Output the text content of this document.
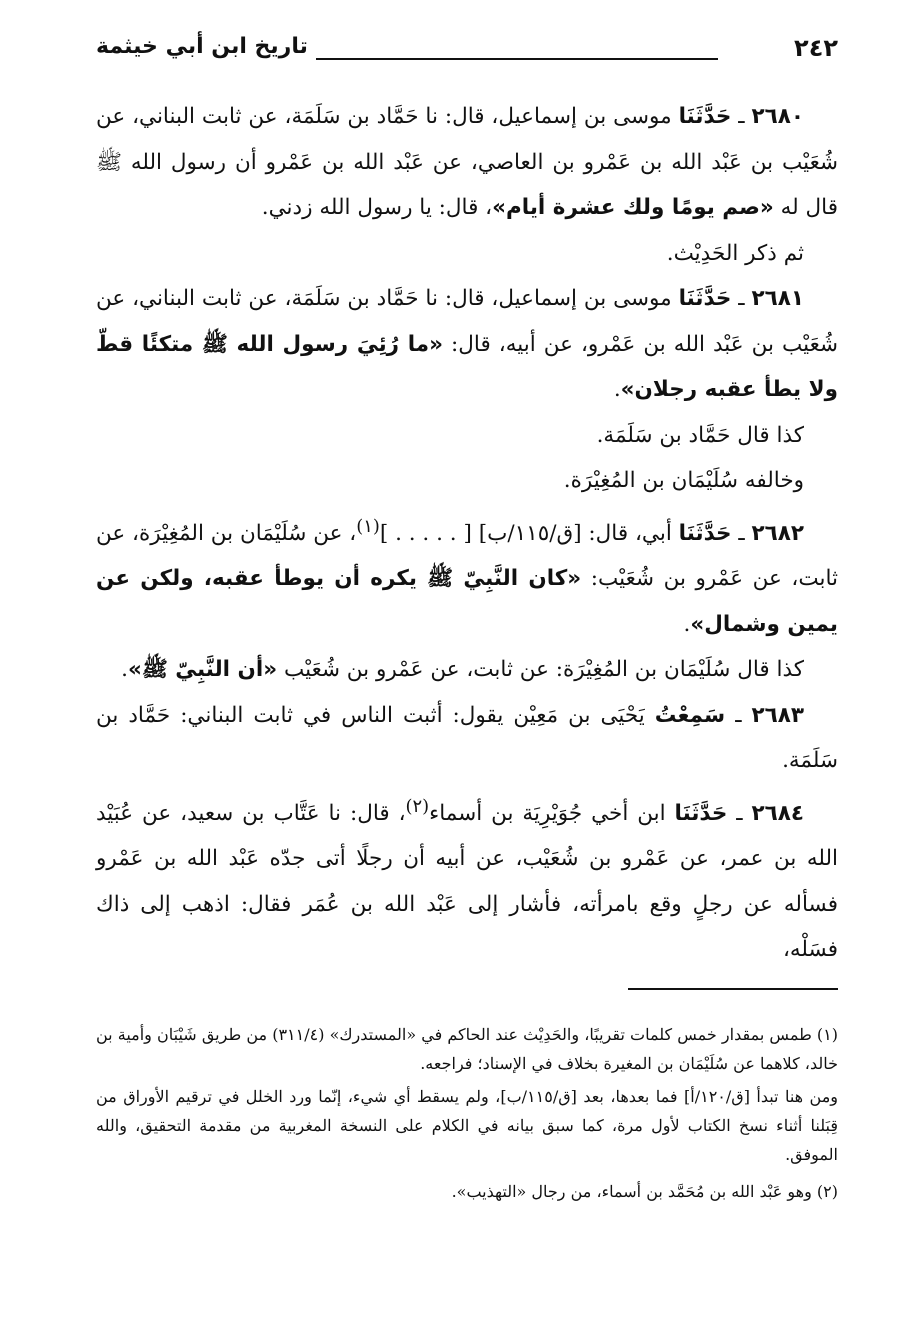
٢٤٢
تاريخ ابن أبي خيثمة

٢٦٨٠ ـ حَدَّثَنَا موسى بن إسماعيل، قال: نا حَمَّاد بن سَلَمَة، عن ثابت البناني، عن شُعَيْب بن عَبْد الله بن عَمْرو بن العاصي، عن عَبْد الله بن عَمْرو أن رسول الله ﷺ قال له «صم يومًا ولك عشرة أيام»، قال: يا رسول الله زدني.

ثم ذكر الحَدِيْث.

٢٦٨١ ـ حَدَّثَنَا موسى بن إسماعيل، قال: نا حَمَّاد بن سَلَمَة، عن ثابت البناني، عن شُعَيْب بن عَبْد الله بن عَمْرو، عن أبيه، قال: «ما رُئِيَ رسول الله ﷺ متكئًا قطّ ولا يطأ عقبه رجلان».

كذا قال حَمَّاد بن سَلَمَة.

وخالفه سُلَيْمَان بن المُغِيْرَة.

٢٦٨٢ ـ حَدَّثَنَا أبي، قال: [ق/١١٥/ب] [ . . . . . ]$^{(١)}$، عن سُلَيْمَان بن المُغِيْرَة، عن ثابت، عن عَمْرو بن شُعَيْب: «كان النَّبِيّ ﷺ يكره أن يوطأ عقبه، ولكن عن يمين وشمال».

كذا قال سُلَيْمَان بن المُغِيْرَة: عن ثابت، عن عَمْرو بن شُعَيْب «أن النَّبِيّ ﷺ».

٢٦٨٣ ـ سَمِعْتُ يَحْيَى بن مَعِيْن يقول: أثبت الناس في ثابت البناني: حَمَّاد بن سَلَمَة.

٢٦٨٤ ـ حَدَّثَنَا ابن أخي جُوَيْرِيَة بن أسماء$^{(٢)}$، قال: نا عَتَّاب بن سعيد، عن عُبَيْد الله بن عمر، عن عَمْرو بن شُعَيْب، عن أبيه أن رجلًا أتى جدّه عَبْد الله بن عَمْرو فسأله عن رجلٍ وقع بامرأته، فأشار إلى عَبْد الله بن عُمَر فقال: اذهب إلى ذاك فسَلْه،

(١) طمس بمقدار خمس كلمات تقريبًا، والحَدِيْث عند الحاكم في «المستدرك» (٣١١/٤) من طريق شَيْبَان وأمية بن خالد، كلاهما عن سُلَيْمَان بن المغيرة بخلاف في الإسناد؛ فراجعه.

ومن هنا تبدأ [ق/١٢٠/أ] فما بعدها، بعد [ق/١١٥/ب]، ولم يسقط أي شيء، إنّما ورد الخلل في ترقيم الأوراق من قِبَلنا أثناء نسخ الكتاب لأول مرة، كما سبق بيانه في الكلام على النسخة المغربية من مقدمة التحقيق، والله الموفق.

(٢) وهو عَبْد الله بن مُحَمَّد بن أسماء، من رجال «التهذيب».
